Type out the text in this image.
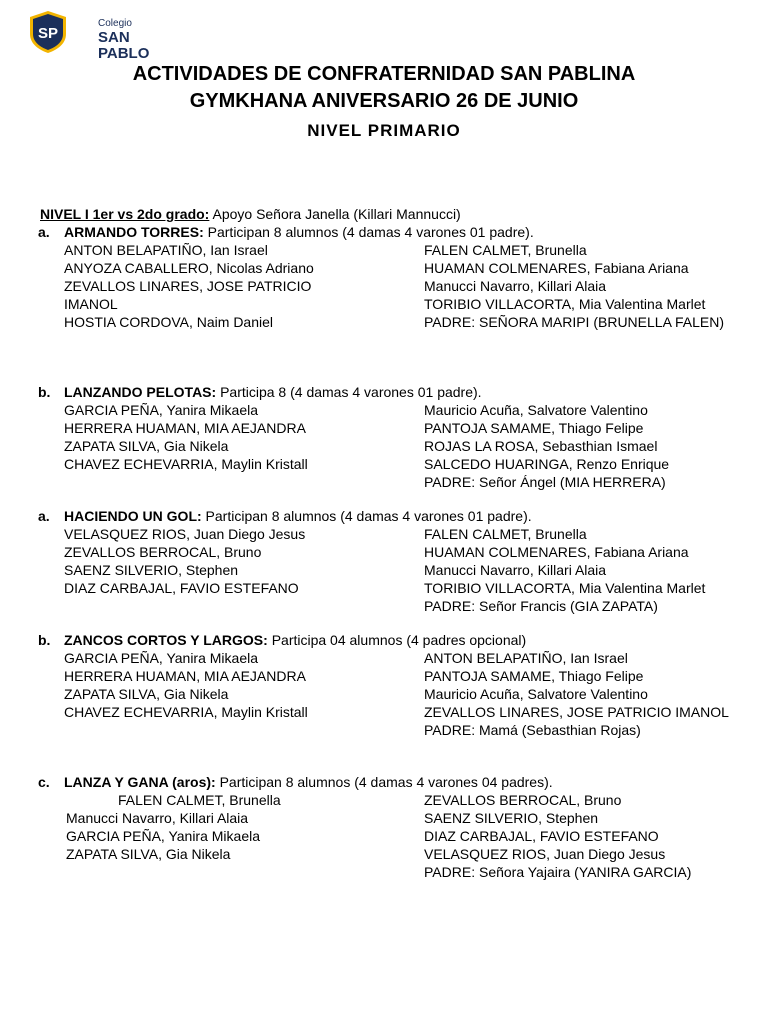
SP
Colegio
SAN PABLO
ACTIVIDADES DE CONFRATERNIDAD SAN PABLINA
GYMKHANA ANIVERSARIO 26 DE JUNIO
NIVEL PRIMARIO
NIVEL I 1er vs 2do grado: Apoyo Señora Janella (Killari Mannucci)
a. ARMANDO TORRES: Participan 8 alumnos (4 damas 4 varones 01 padre).
ANTON BELAPATIÑO, Ian Israel
ANYOZA CABALLERO, Nicolas Adriano
ZEVALLOS LINARES, JOSE PATRICIO
IMANOL
HOSTIA CORDOVA, Naim Daniel
FALEN CALMET, Brunella
HUAMAN COLMENARES, Fabiana Ariana
Manucci Navarro, Killari Alaia
TORIBIO VILLACORTA, Mia Valentina Marlet
PADRE: SEÑORA MARIPI (BRUNELLA FALEN)
b. LANZANDO PELOTAS: Participa 8 (4 damas 4 varones 01 padre).
GARCIA PEÑA, Yanira Mikaela
HERRERA HUAMAN, MIA AEJANDRA
ZAPATA SILVA, Gia Nikela
CHAVEZ ECHEVARRIA, Maylin Kristall
Mauricio Acuña, Salvatore Valentino
PANTOJA SAMAME, Thiago Felipe
ROJAS LA ROSA, Sebasthian Ismael
SALCEDO HUARINGA, Renzo Enrique
PADRE: Señor Ángel (MIA HERRERA)
a. HACIENDO UN GOL: Participan 8 alumnos (4 damas 4 varones 01 padre).
VELASQUEZ RIOS, Juan Diego Jesus
ZEVALLOS BERROCAL, Bruno
SAENZ SILVERIO, Stephen
DIAZ CARBAJAL, FAVIO ESTEFANO
FALEN CALMET, Brunella
HUAMAN COLMENARES, Fabiana Ariana
Manucci Navarro, Killari Alaia
TORIBIO VILLACORTA, Mia Valentina Marlet
PADRE: Señor Francis (GIA ZAPATA)
b. ZANCOS CORTOS Y LARGOS: Participa 04 alumnos (4 padres opcional)
GARCIA PEÑA, Yanira Mikaela
HERRERA HUAMAN, MIA AEJANDRA
ZAPATA SILVA, Gia Nikela
CHAVEZ ECHEVARRIA, Maylin Kristall
ANTON BELAPATIÑO, Ian Israel
PANTOJA SAMAME, Thiago Felipe
Mauricio Acuña, Salvatore Valentino
ZEVALLOS LINARES, JOSE PATRICIO IMANOL
PADRE: Mamá (Sebasthian Rojas)
c. LANZA Y GANA (aros): Participan 8 alumnos (4 damas 4 varones 04 padres).
FALEN CALMET, Brunella
Manucci Navarro, Killari Alaia
GARCIA PEÑA, Yanira Mikaela
ZAPATA SILVA, Gia Nikela
ZEVALLOS BERROCAL, Bruno
SAENZ SILVERIO, Stephen
DIAZ CARBAJAL, FAVIO ESTEFANO
VELASQUEZ RIOS, Juan Diego Jesus
PADRE: Señora Yajaira (YANIRA GARCIA)
